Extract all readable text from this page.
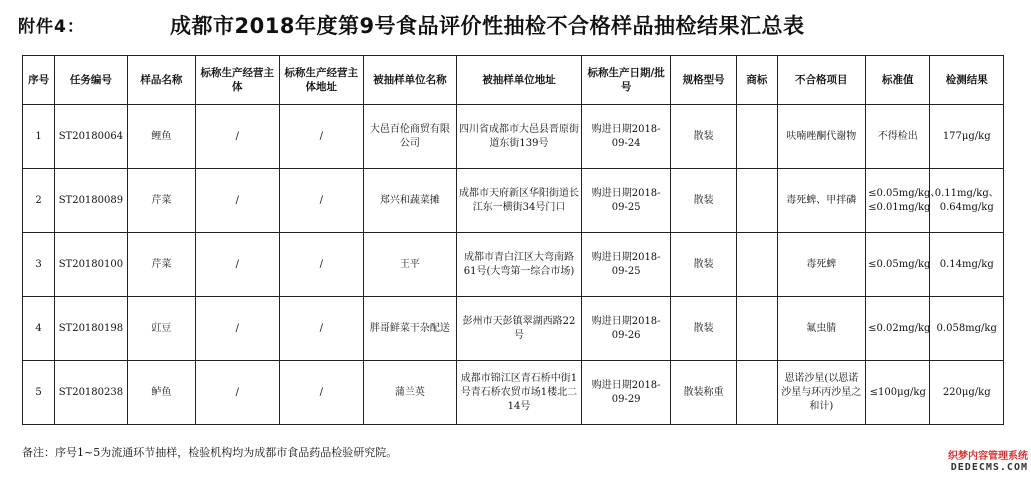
附件4：	成都市2018年度第9号食品评价性抽检不合格样品抽检结果汇总表
序号	任务编号	样品名称	标称生产经营主体	标称生产经营主体地址	被抽样单位名称	被抽样单位地址	标称生产日期/批号	规格型号	商标	不合格项目	标准值	检测结果
1	ST20180064	鲤鱼	/	/	大邑百伦商贸有限公司	四川省成都市大邑县晋原街道东街139号	购进日期2018-09-24	散装		呋喃唑酮代谢物	不得检出	177μg/kg
2	ST20180089	芹菜	/	/	郑兴和蔬菜摊	成都市天府新区华阳街道长江东一横街34号门口	购进日期2018-09-25	散装		毒死蜱、甲拌磷	≤0.05mg/kg、≤0.01mg/kg	0.11mg/kg、0.64mg/kg
3	ST20180100	芹菜	/	/	王平	成都市青白江区大弯南路61号(大弯第一综合市场)	购进日期2018-09-25	散装		毒死蜱	≤0.05mg/kg	0.14mg/kg
4	ST20180198	豇豆	/	/	胖哥鲜菜干杂配送	彭州市天彭镇翠湖西路22号	购进日期2018-09-26	散装		氟虫腈	≤0.02mg/kg	0.058mg/kg
5	ST20180238	鲈鱼	/	/	蒲兰英	成都市锦江区青石桥中街1号青石桥农贸市场1楼北二14号	购进日期2018-09-29	散装称重		恩诺沙星(以恩诺沙星与环丙沙星之和计)	≤100μg/kg	220μg/kg
备注：序号1~5为流通环节抽样，检验机构均为成都市食品药品检验研究院。	织梦内容管理系统
DEDECMS.COM
